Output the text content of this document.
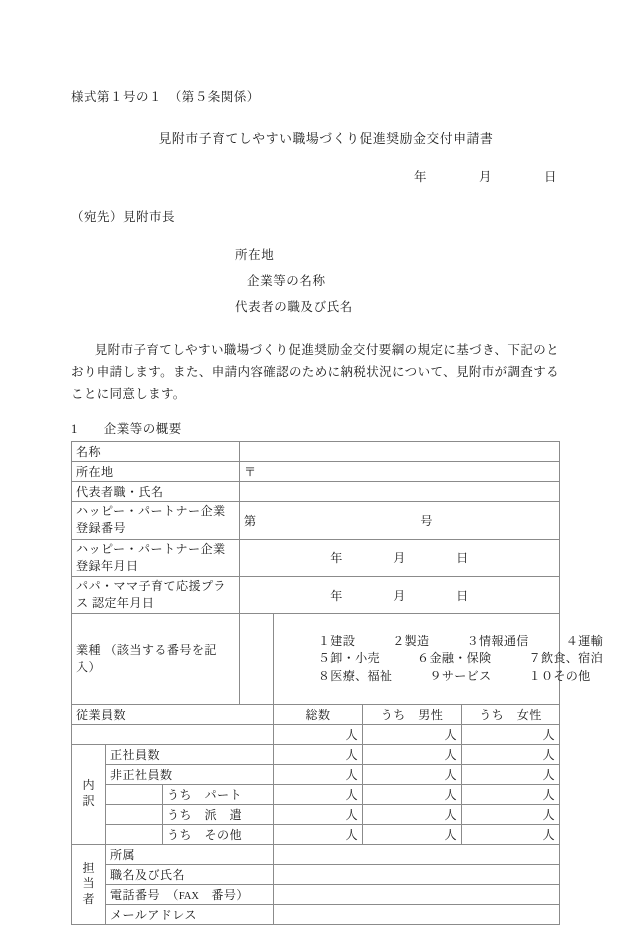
様式第１号の１　（第５条関係）
見附市子育てしやすい職場づくり促進奨励金交付申請書
年　　　　月　　　　日
（宛先）見附市長
所在地
企業等の名称
代表者の職及び氏名
見附市子育てしやすい職場づくり促進奨励金交付要綱の規定に基づき、下記のとおり申請します。また、申請内容確認のために納税状況について、見附市が調査することに同意します。
1　　 企業等の概要
名称						
所在地			〒			
代表者職・氏名						
ハッピー・パートナー企業 登録番号			第　　　　　　　　　　　　　号			
ハッピー・パートナー企業 登録年月日			年　　　　月　　　　日			
パパ・ママ子育て応援プラス 認定年月日			年　　　　月　　　　日			
業種 （該当する番号を記入）				１建設　　　２製造　　　３情報通信　　　４運輸
５卸・小売　　　６金融・保険　　　７飲食、宿泊
８医療、福祉　　　９サービス　　　１０その他		

従業員数				総数	うち　男性	うち　女性
				人	人	人

内
訳	正社員数			人	人	人
	非正社員数			人	人	人
		うち　パート		人	人	人
		うち　派　遣		人	人	人
		うち　その他		人	人	人

担
当
者	所属					
	職名及び氏名					
	電話番号　（FAX　番号）					
	メールアドレス					
